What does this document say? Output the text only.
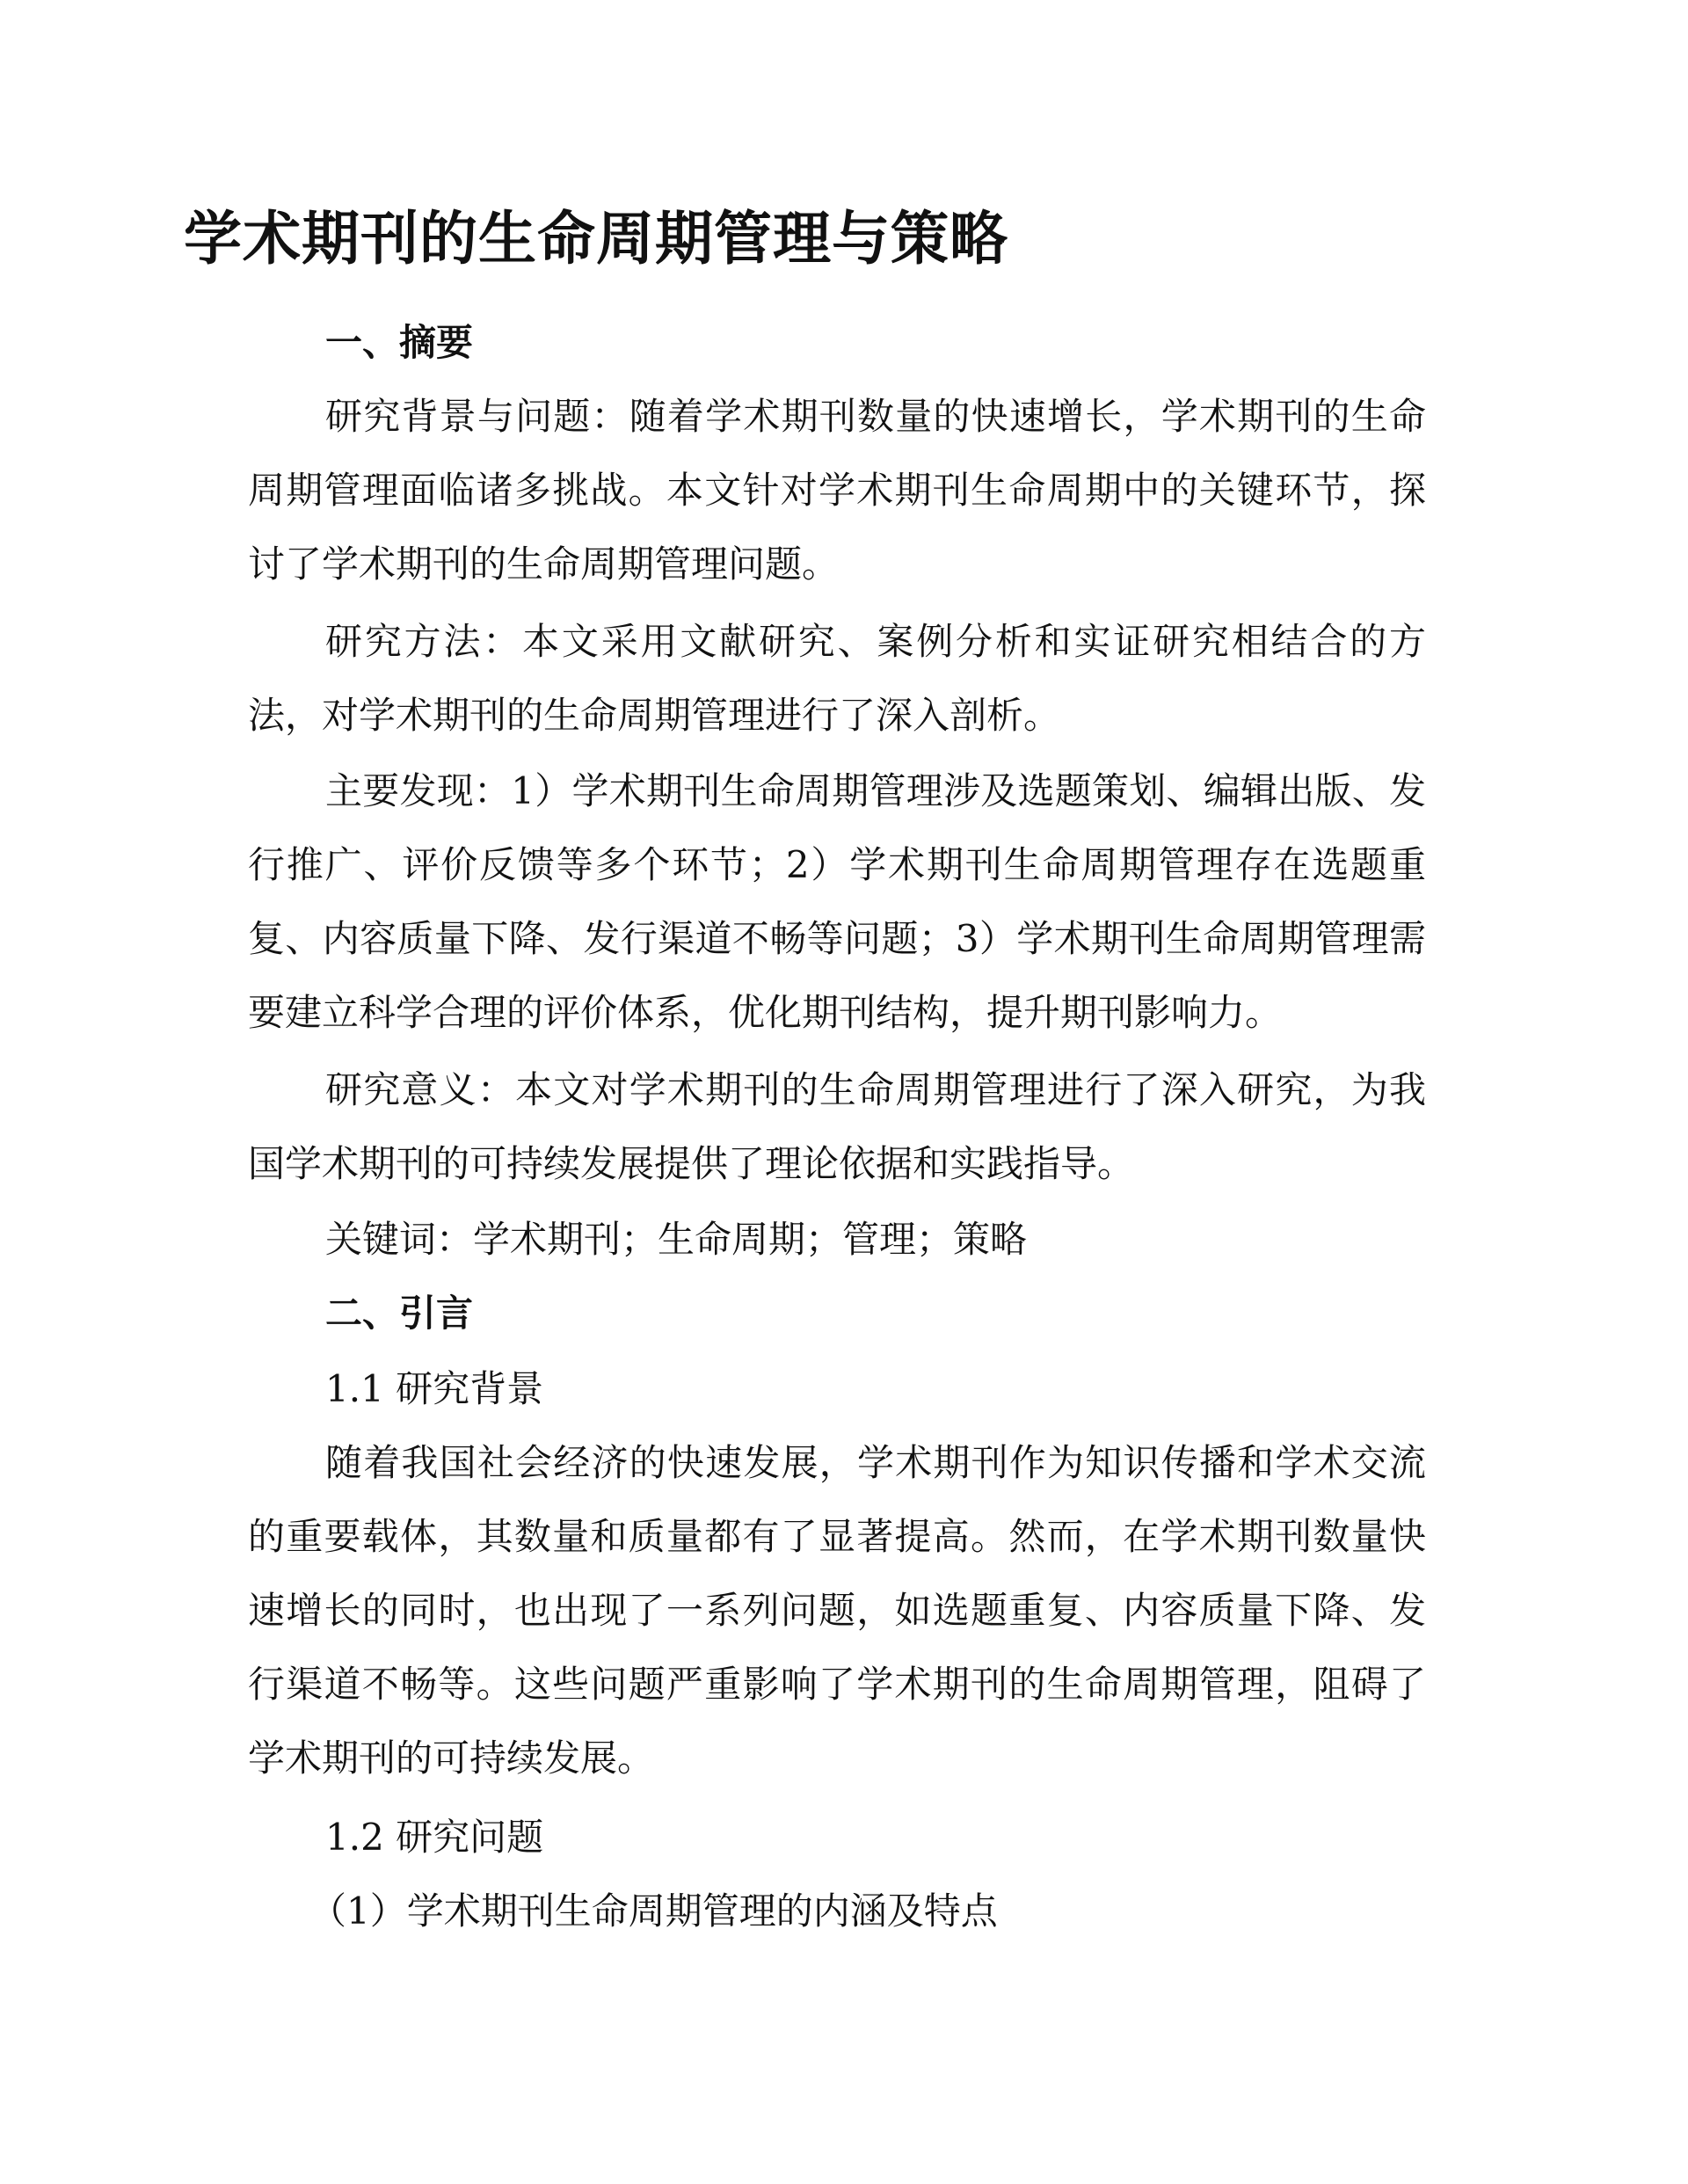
学术期刊的生命周期管理与策略

一、摘要

研究背景与问题：随着学术期刊数量的快速增长，学术期刊的生命周期管理面临诸多挑战。本文针对学术期刊生命周期中的关键环节，探讨了学术期刊的生命周期管理问题。

研究方法：本文采用文献研究、案例分析和实证研究相结合的方法，对学术期刊的生命周期管理进行了深入剖析。

主要发现：1）学术期刊生命周期管理涉及选题策划、编辑出版、发行推广、评价反馈等多个环节；2）学术期刊生命周期管理存在选题重复、内容质量下降、发行渠道不畅等问题；3）学术期刊生命周期管理需要建立科学合理的评价体系，优化期刊结构，提升期刊影响力。

研究意义：本文对学术期刊的生命周期管理进行了深入研究，为我国学术期刊的可持续发展提供了理论依据和实践指导。

关键词：学术期刊；生命周期；管理；策略

二、引言

1.1 研究背景

随着我国社会经济的快速发展，学术期刊作为知识传播和学术交流的重要载体，其数量和质量都有了显著提高。然而，在学术期刊数量快速增长的同时，也出现了一系列问题，如选题重复、内容质量下降、发行渠道不畅等。这些问题严重影响了学术期刊的生命周期管理，阻碍了学术期刊的可持续发展。

1.2 研究问题

（1）学术期刊生命周期管理的内涵及特点
